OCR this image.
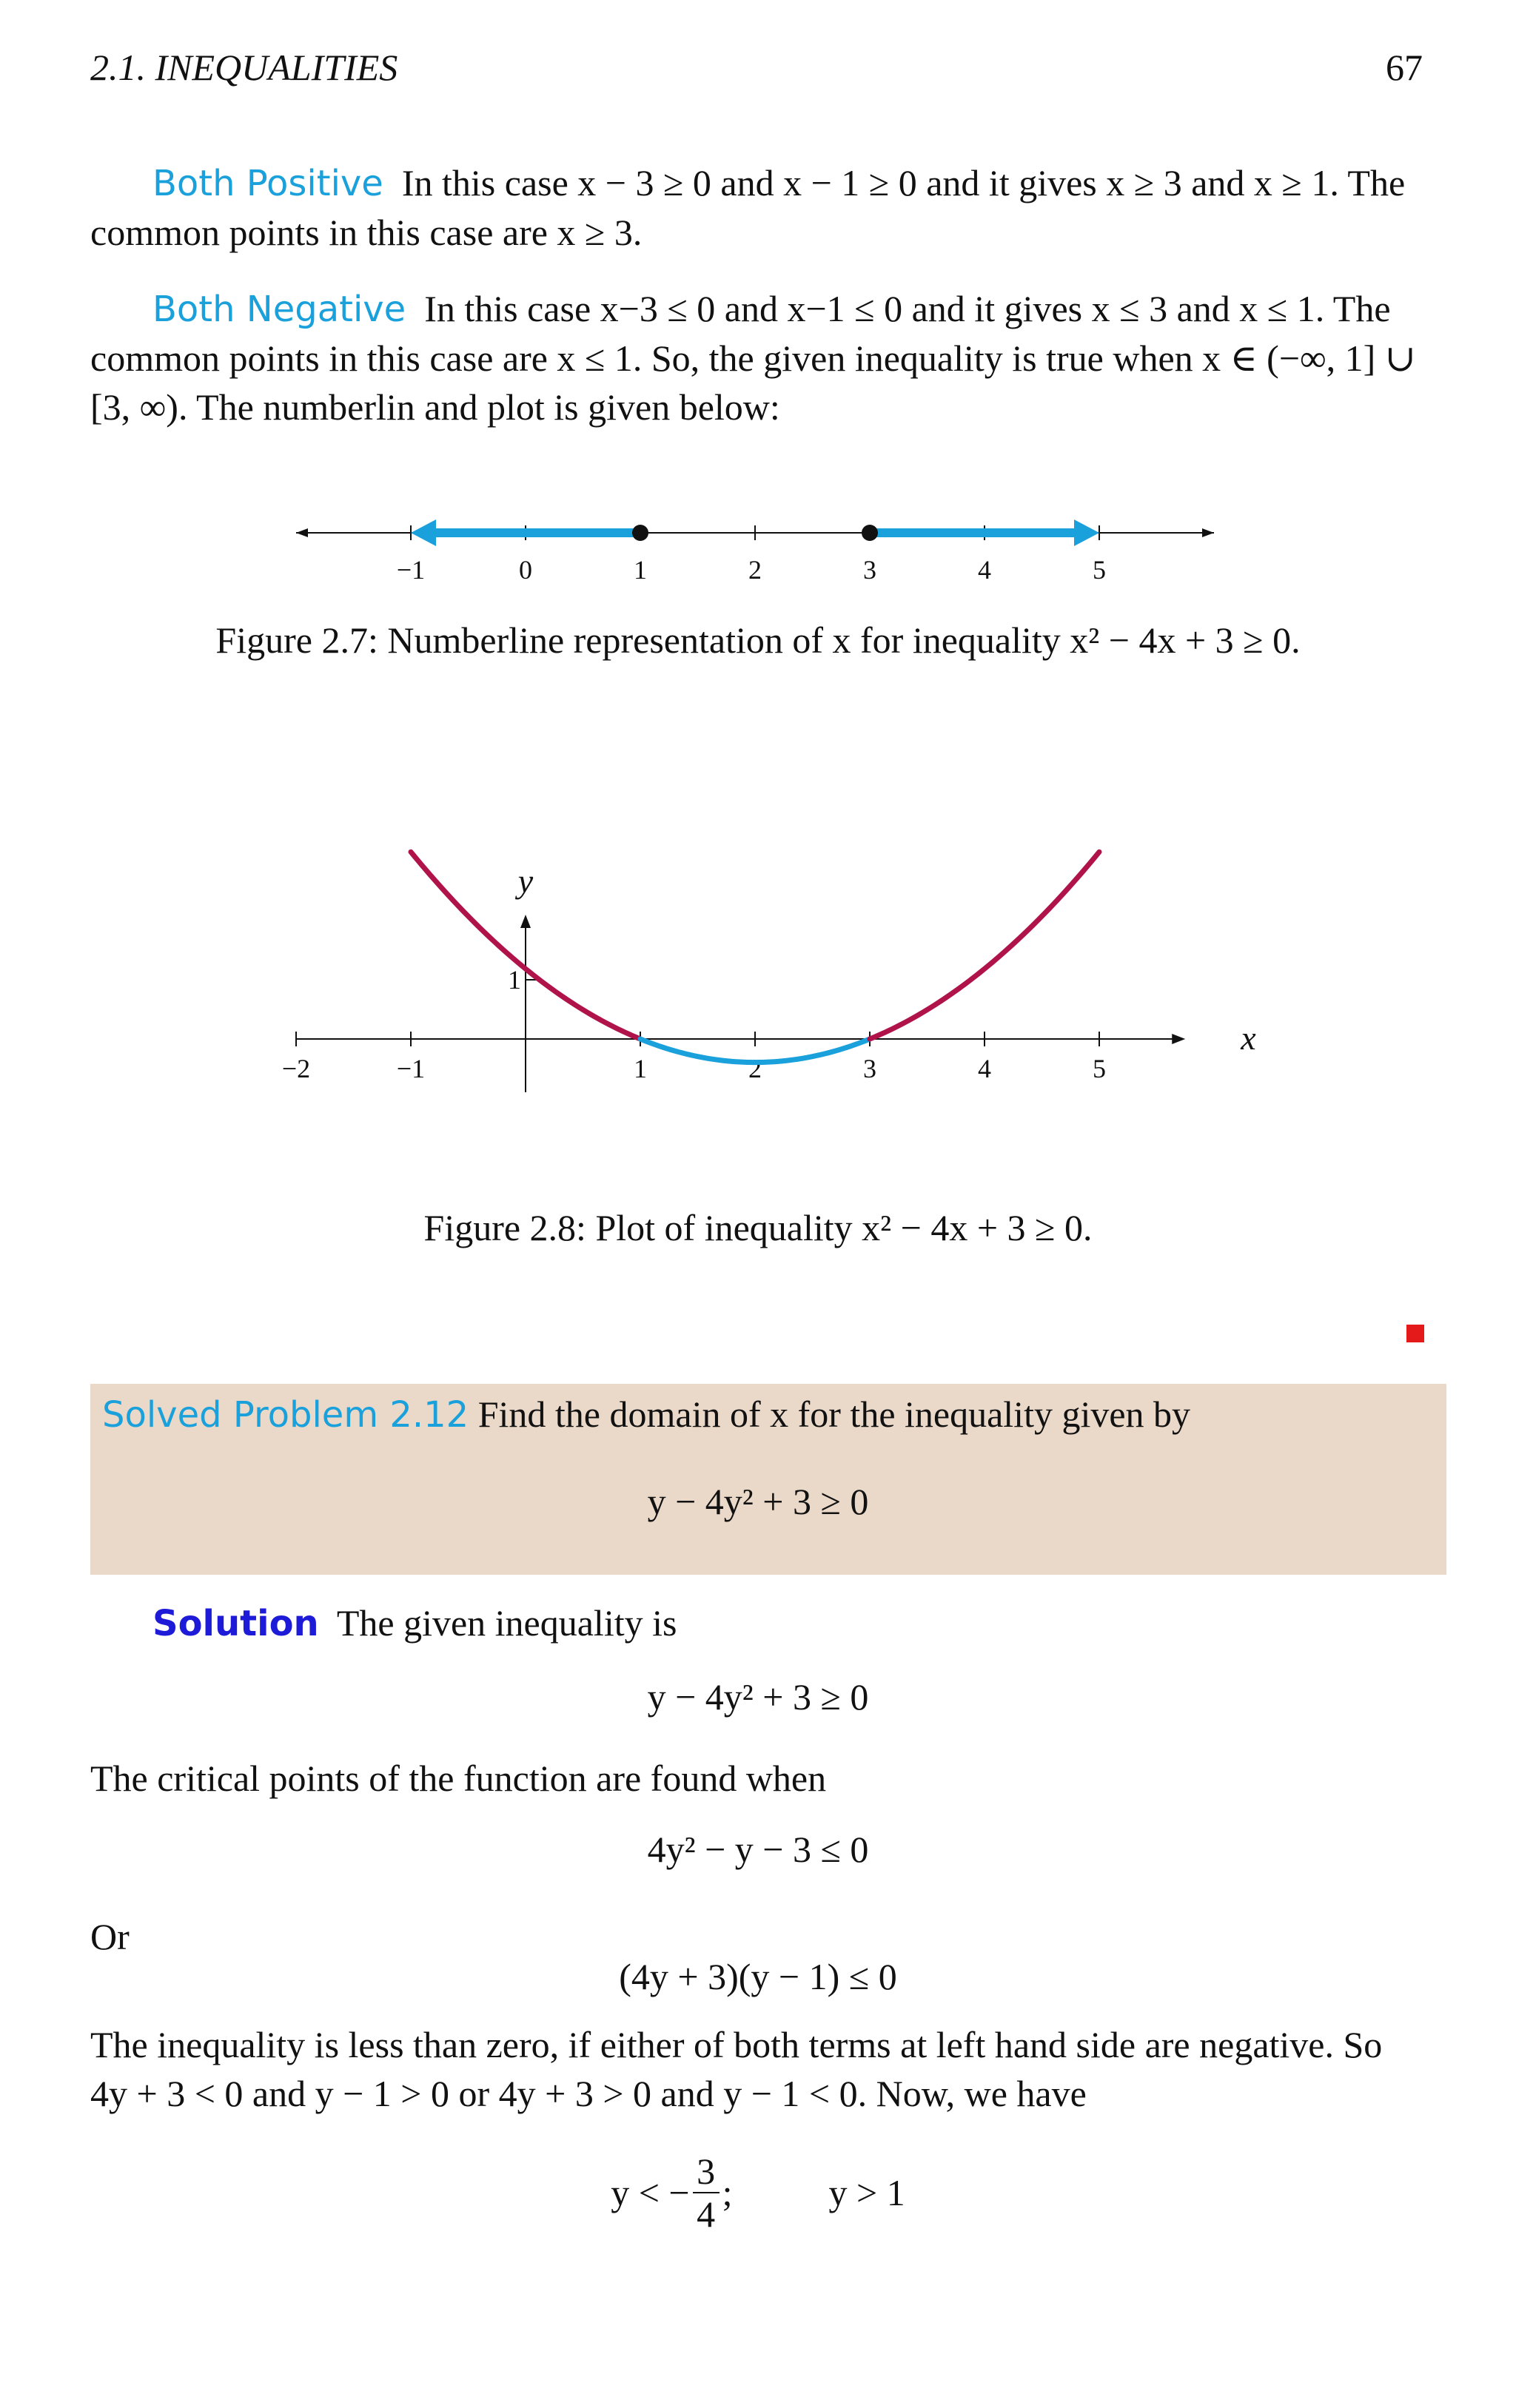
2.1. INEQUALITIES	67
Both Positive In this case x − 3 ≥ 0 and x − 1 ≥ 0 and it gives x ≥ 3 and x ≥ 1. The common points in this case are x ≥ 3.
Both Negative In this case x−3 ≤ 0 and x−1 ≤ 0 and it gives x ≤ 3 and x ≤ 1. The common points in this case are x ≤ 1. So, the given inequality is true when x ∈ (−∞, 1] ∪ [3, ∞). The numberlin and plot is given below:
−1	0	1	2	3	4	5
Figure 2.7: Numberline representation of x for inequality x² − 4x + 3 ≥ 0.
x
y
−2	−1	1	2	3	4	5
1
Figure 2.8: Plot of inequality x² − 4x + 3 ≥ 0.
Solved Problem 2.12 Find the domain of x for the inequality given by
y − 4y² + 3 ≥ 0
Solution The given inequality is
y − 4y² + 3 ≥ 0
The critical points of the function are found when
4y² − y − 3 ≤ 0
Or
(4y + 3)(y − 1) ≤ 0
The inequality is less than zero, if either of both terms at left hand side are negative. So 4y + 3 < 0 and y − 1 > 0 or 4y + 3 > 0 and y − 1 < 0. Now, we have
y < −
3
4
;	y > 1
